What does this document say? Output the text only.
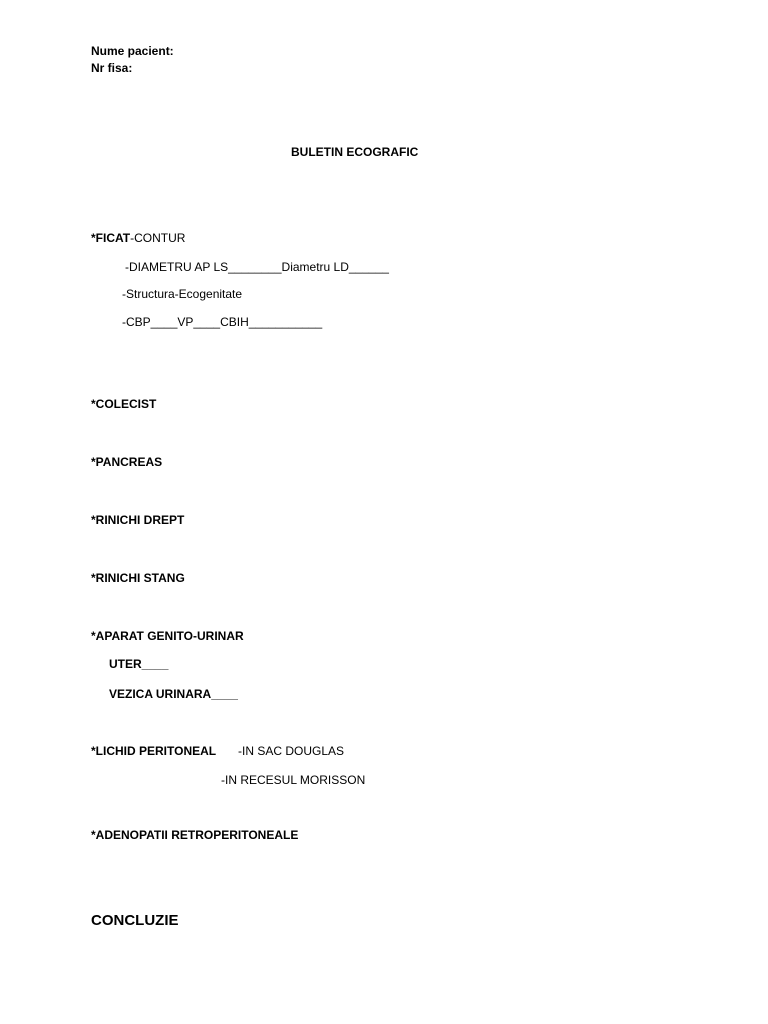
Nume pacient:
Nr fisa:
BULETIN ECOGRAFIC
*FICAT-CONTUR
-DIAMETRU AP LS________Diametru LD______
-Structura-Ecogenitate
-CBP____VP____CBIH___________
*COLECIST
*PANCREAS
*RINICHI DREPT
*RINICHI STANG
*APARAT GENITO-URINAR
UTER____
VEZICA URINARA____
*LICHID PERITONEAL -IN SAC DOUGLAS
-IN RECESUL MORISSON
*ADENOPATII RETROPERITONEALE
CONCLUZIE
